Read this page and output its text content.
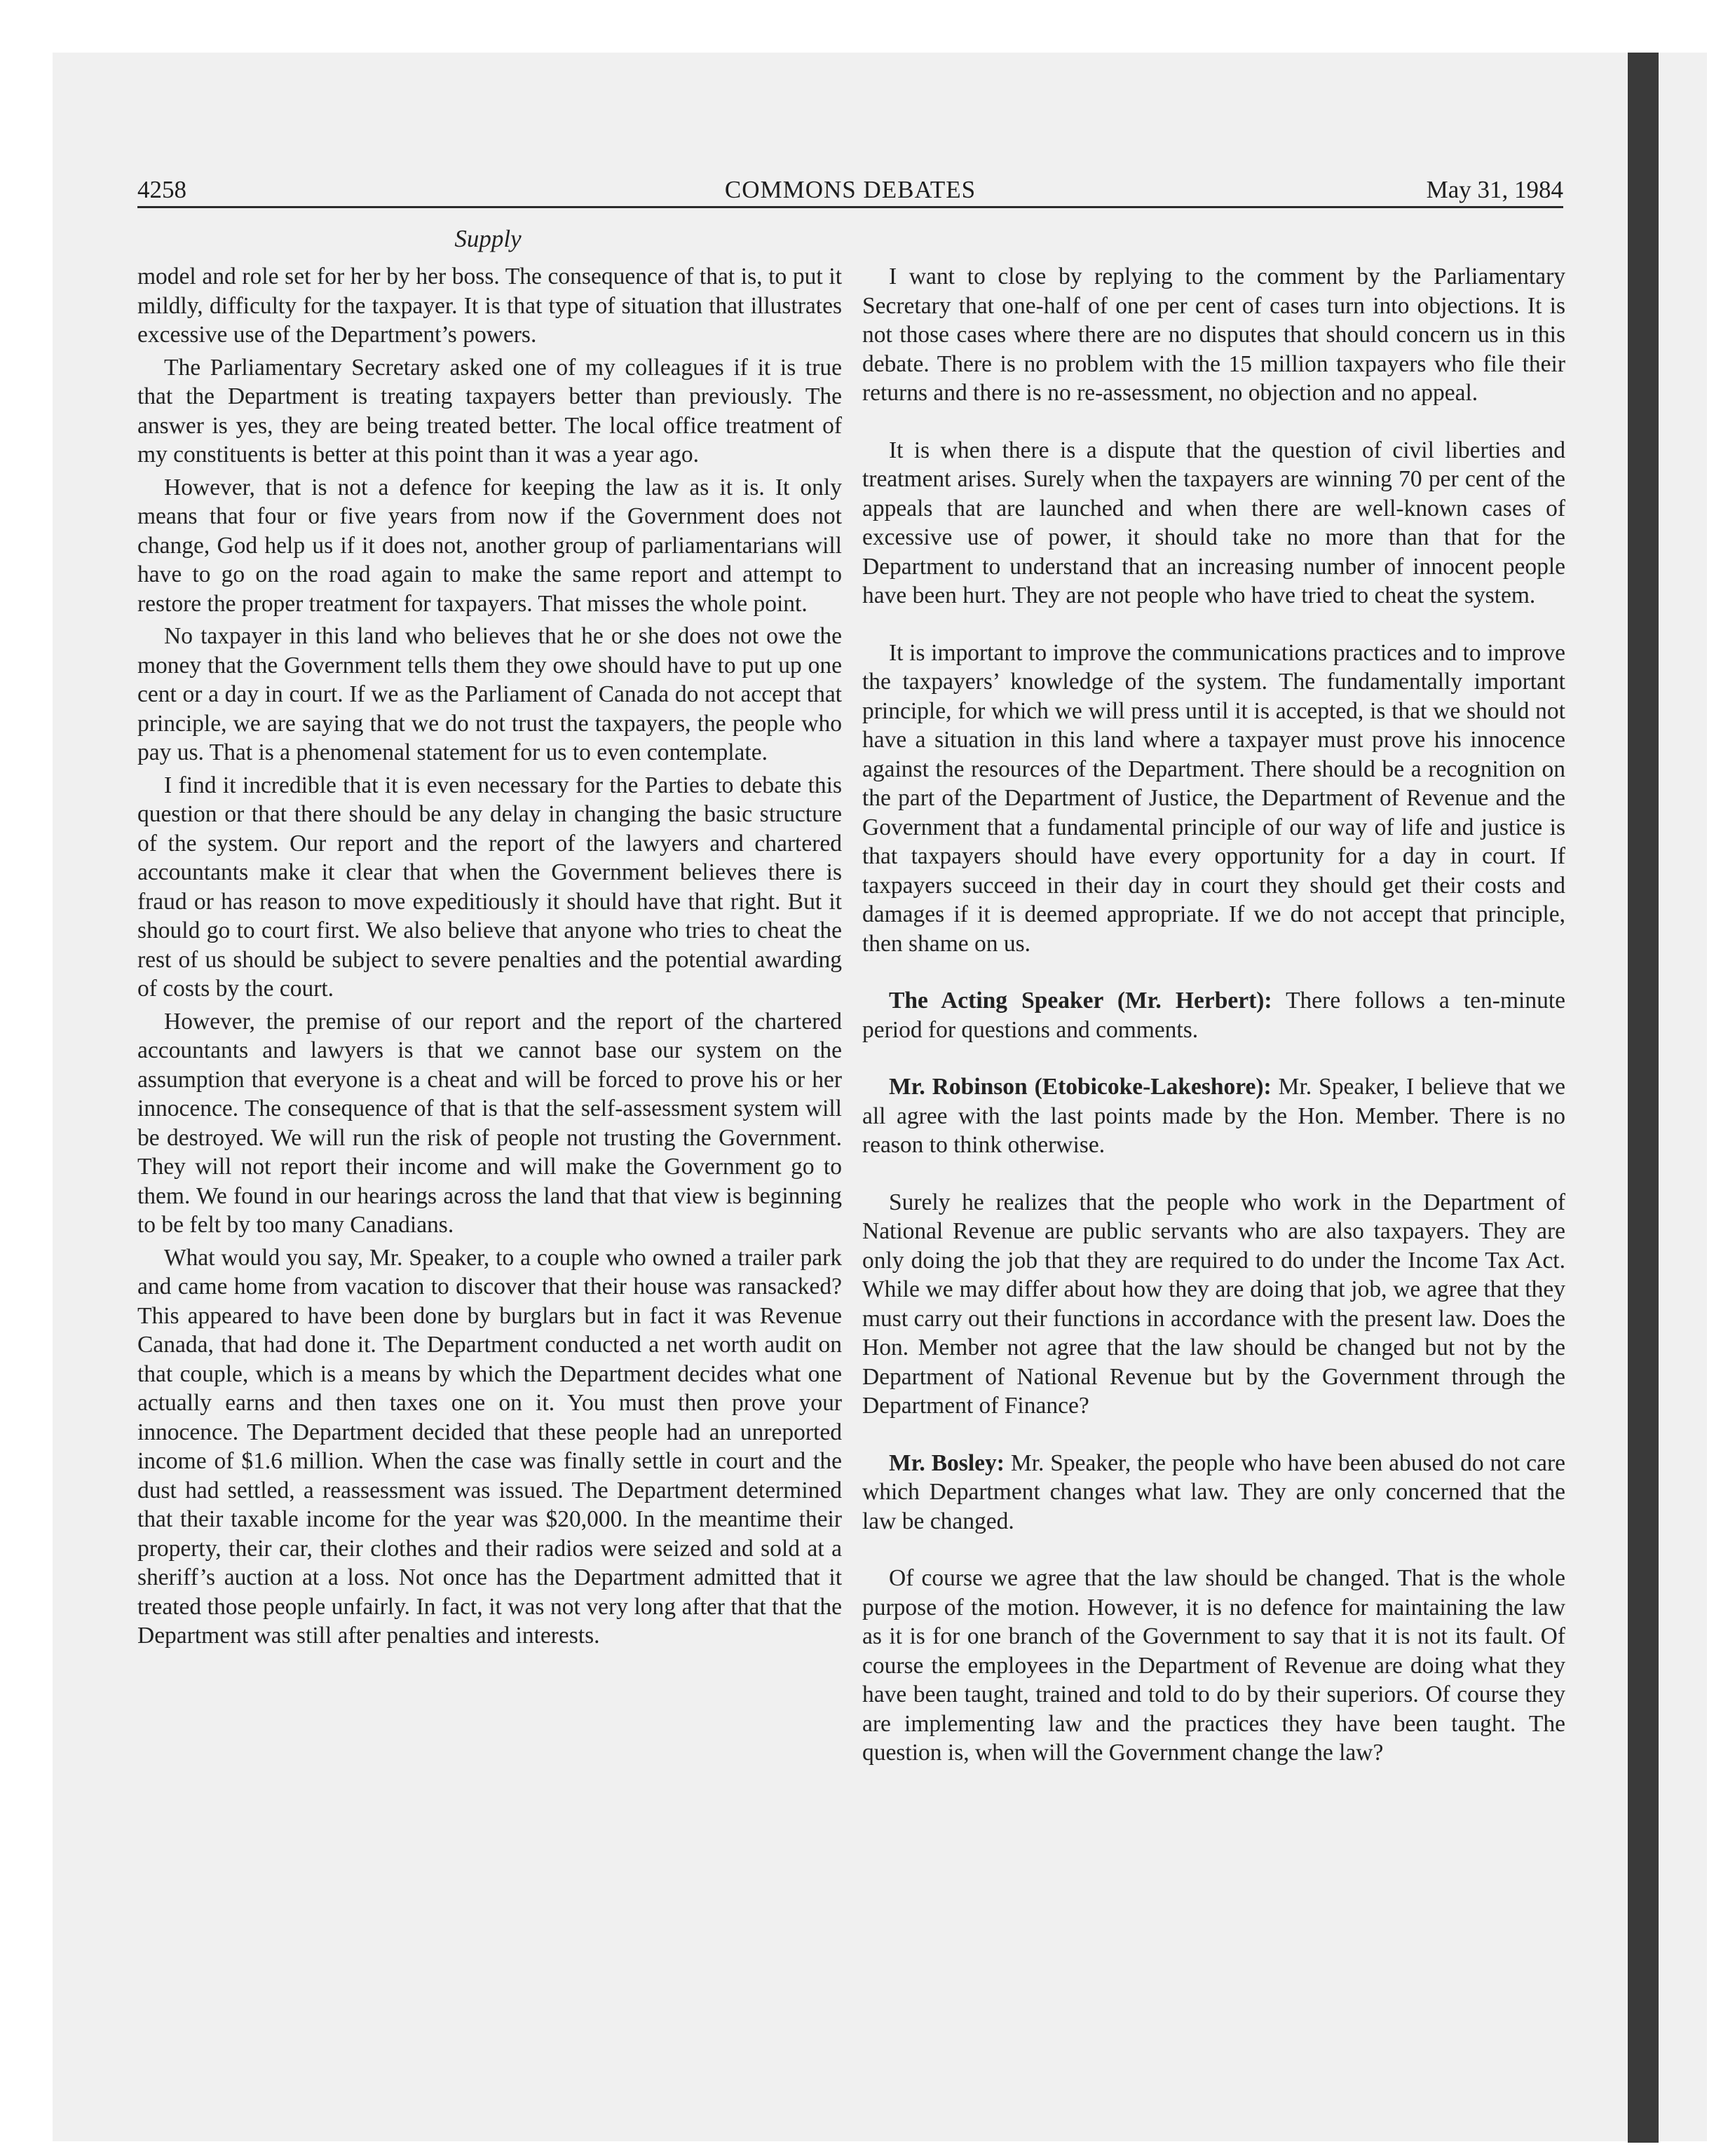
4258	COMMONS DEBATES	May 31, 1984
Supply

model and role set for her by her boss. The consequence of that is, to put it mildly, difficulty for the taxpayer. It is that type of situation that illustrates excessive use of the Department’s powers.

The Parliamentary Secretary asked one of my colleagues if it is true that the Department is treating taxpayers better than previously. The answer is yes, they are being treated better. The local office treatment of my constituents is better at this point than it was a year ago.

However, that is not a defence for keeping the law as it is. It only means that four or five years from now if the Government does not change, God help us if it does not, another group of parliamentarians will have to go on the road again to make the same report and attempt to restore the proper treatment for taxpayers. That misses the whole point.

No taxpayer in this land who believes that he or she does not owe the money that the Government tells them they owe should have to put up one cent or a day in court. If we as the Parliament of Canada do not accept that principle, we are saying that we do not trust the taxpayers, the people who pay us. That is a phenomenal statement for us to even contemplate.

I find it incredible that it is even necessary for the Parties to debate this question or that there should be any delay in changing the basic structure of the system. Our report and the report of the lawyers and chartered accountants make it clear that when the Government believes there is fraud or has reason to move expeditiously it should have that right. But it should go to court first. We also believe that anyone who tries to cheat the rest of us should be subject to severe penalties and the potential awarding of costs by the court.

However, the premise of our report and the report of the chartered accountants and lawyers is that we cannot base our system on the assumption that everyone is a cheat and will be forced to prove his or her innocence. The consequence of that is that the self-assessment system will be destroyed. We will run the risk of people not trusting the Government. They will not report their income and will make the Government go to them. We found in our hearings across the land that that view is beginning to be felt by too many Canadians.

What would you say, Mr. Speaker, to a couple who owned a trailer park and came home from vacation to discover that their house was ransacked? This appeared to have been done by burglars but in fact it was Revenue Canada, that had done it. The Department conducted a net worth audit on that couple, which is a means by which the Department decides what one actually earns and then taxes one on it. You must then prove your innocence. The Department decided that these people had an unreported income of $1.6 million. When the case was finally settle in court and the dust had settled, a reassessment was issued. The Department determined that their taxable income for the year was $20,000. In the meantime their property, their car, their clothes and their radios were seized and sold at a sheriff’s auction at a loss. Not once has the Department admitted that it treated those people unfairly. In fact, it was not very long after that that the Department was still after penalties and interests.

I want to close by replying to the comment by the Parliamentary Secretary that one-half of one per cent of cases turn into objections. It is not those cases where there are no disputes that should concern us in this debate. There is no problem with the 15 million taxpayers who file their returns and there is no re-assessment, no objection and no appeal.

It is when there is a dispute that the question of civil liberties and treatment arises. Surely when the taxpayers are winning 70 per cent of the appeals that are launched and when there are well-known cases of excessive use of power, it should take no more than that for the Department to understand that an increasing number of innocent people have been hurt. They are not people who have tried to cheat the system.

It is important to improve the communications practices and to improve the taxpayers’ knowledge of the system. The fundamentally important principle, for which we will press until it is accepted, is that we should not have a situation in this land where a taxpayer must prove his innocence against the resources of the Department. There should be a recognition on the part of the Department of Justice, the Department of Revenue and the Government that a fundamental principle of our way of life and justice is that taxpayers should have every opportunity for a day in court. If taxpayers succeed in their day in court they should get their costs and damages if it is deemed appropriate. If we do not accept that principle, then shame on us.

The Acting Speaker (Mr. Herbert): There follows a ten-minute period for questions and comments.

Mr. Robinson (Etobicoke-Lakeshore): Mr. Speaker, I believe that we all agree with the last points made by the Hon. Member. There is no reason to think otherwise.

Surely he realizes that the people who work in the Department of National Revenue are public servants who are also taxpayers. They are only doing the job that they are required to do under the Income Tax Act. While we may differ about how they are doing that job, we agree that they must carry out their functions in accordance with the present law. Does the Hon. Member not agree that the law should be changed but not by the Department of National Revenue but by the Government through the Department of Finance?

Mr. Bosley: Mr. Speaker, the people who have been abused do not care which Department changes what law. They are only concerned that the law be changed.

Of course we agree that the law should be changed. That is the whole purpose of the motion. However, it is no defence for maintaining the law as it is for one branch of the Government to say that it is not its fault. Of course the employees in the Department of Revenue are doing what they have been taught, trained and told to do by their superiors. Of course they are implementing law and the practices they have been taught. The question is, when will the Government change the law?
